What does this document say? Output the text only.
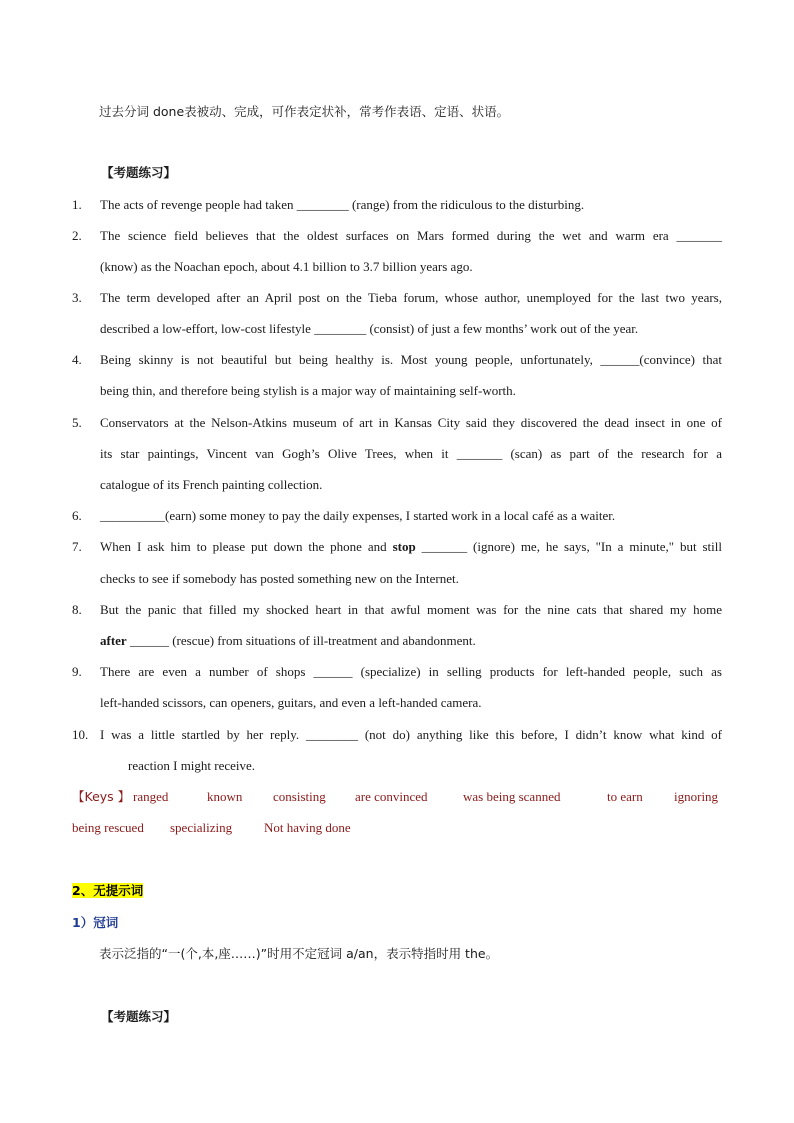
过去分词 done表被动、完成，可作表定状补，常考作表语、定语、状语。
【考题练习】
1. The acts of revenge people had taken ________ (range) from the ridiculous to the disturbing.
2. The science field believes that the oldest surfaces on Mars formed during the wet and warm era _______
(know) as the Noachan epoch, about 4.1 billion to 3.7 billion years ago.
3. The term developed after an April post on the Tieba forum, whose author, unemployed for the last two years,
described a low-effort, low-cost lifestyle ________ (consist) of just a few months’ work out of the year.
4. Being skinny is not beautiful but being healthy is. Most young people, unfortunately, ______(convince) that
being thin, and therefore being stylish is a major way of maintaining self-worth.
5. Conservators at the Nelson-Atkins museum of art in Kansas City said they discovered the dead insect in one of
its star paintings, Vincent van Gogh’s Olive Trees, when it _______ (scan) as part of the research for a
catalogue of its French painting collection.
6. __________(earn) some money to pay the daily expenses, I started work in a local café as a waiter.
7. When I ask him to please put down the phone and stop _______ (ignore) me, he says, "In a minute," but still
checks to see if somebody has posted something new on the Internet.
8. But the panic that filled my shocked heart in that awful moment was for the nine cats that shared my home
after ______ (rescue) from situations of ill-treatment and abandonment.
9. There are even a number of shops ______ (specialize) in selling products for left-handed people, such as
left-handed scissors, can openers, guitars, and even a left-handed camera.
10. I was a little startled by her reply. ________ (not do) anything like this before, I didn’t know what kind of
reaction I might receive.
【Keys 】 ranged	known consisting are convinced	was being scanned	to earn ignoring
being rescued specializing Not having done
2、无提示词
1）冠词
表示泛指的“一(个,本,座……)”时用不定冠词 a/an，表示特指时用 the。
【考题练习】
